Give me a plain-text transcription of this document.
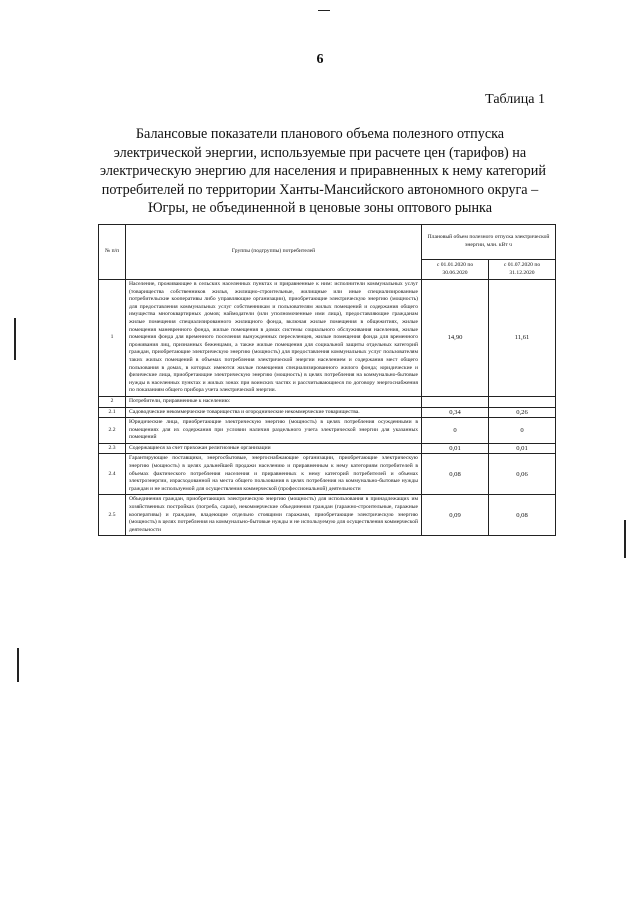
6
Таблица 1
Балансовые показатели планового объема полезного отпуска
электрической энергии, используемые при расчете цен (тарифов) на
электрическую энергию для населения и приравненных к нему категорий
потребителей по территории Ханты-Мансийского автономного округа –
Югры, не объединенной в ценовые зоны оптового рынка
№ п/п	Группы (подгруппы) потребителей	Плановый объем полезного отпуска электрической энергии, млн. кВт ч	
		с 01.01.2020 по 30.06.2020	с 01.07.2020 по 31.12.2020
1	Население, проживающее в сельских населенных пунктах и приравненные к ним: исполнители коммунальных услуг (товарищества собственников жилья, жилищно-строительные, жилищные или иные специализированные потребительские кооперативы либо управляющие организации), приобретающие электрическую энергию (мощность) для предоставления коммунальных услуг собственникам и пользователям жилых помещений и содержания общего имущества многоквартирных домов; наймодатели (или уполномоченные ими лица), предоставляющие гражданам жилые помещения специализированного жилищного фонда, включая жилые помещения в общежитиях, жилые помещения маневренного фонда, жилые помещения в домах системы социального обслуживания населения, жилые помещения фонда для временного поселения вынужденных переселенцев, жилые помещения фонда для временного проживания лиц, признанных беженцами, а также жилые помещения для социальной защиты отдельных категорий граждан, приобретающие электрическую энергию (мощность) для предоставления коммунальных услуг пользователям таких жилых помещений в объемах потребления электрической энергии населением и содержания мест общего пользования в домах, в которых имеются жилые помещения специализированного жилого фонда; юридические и физические лица, приобретающие электрическую энергию (мощность) в целях потребления на коммунально-бытовые нужды в населенных пунктах и жилых зонах при воинских частях и рассчитывающиеся по договору энергоснабжения по показаниям общего прибора учета электрической энергии.	14,90	11,61
2	Потребители, приравненные к населению:		
2.1	Садоводческие некоммерческие товарищества и огороднические некоммерческие товарищества.	0,34	0,26
2.2	Юридические лица, приобретающие электрическую энергию (мощность) в целях потребления осужденными в помещениях для их содержания при условии наличия раздельного учета электрической энергии для указанных помещений	0	0
2.3	Содержащиеся за счет прихожан религиозные организации	0,01	0,01
2.4	Гарантирующие поставщики, энергосбытовые, энергоснабжающие организации, приобретающие электрическую энергию (мощность) в целях дальнейшей продажи населению и приравненным к нему категориям потребителей в объемах фактического потребления населения и приравненных к нему категорий потребителей и объемах электроэнергии, израсходованной на места общего пользования в целях потребления на коммунально-бытовые нужды граждан и не используемой для осуществления коммерческой (профессиональной) деятельности	0,08	0,06
2.5	Объединения граждан, приобретающих электрическую энергию (мощность) для использования в принадлежащих им хозяйственных постройках (погреба, сараи), некоммерческие объединения граждан (гаражно-строительные, гаражные кооперативы) и граждане, владеющие отдельно стоящими гаражами, приобретающие электрическую энергию (мощность) в целях потребления на коммунально-бытовые нужды и не используемую для осуществления коммерческой деятельности	0,09	0,08
